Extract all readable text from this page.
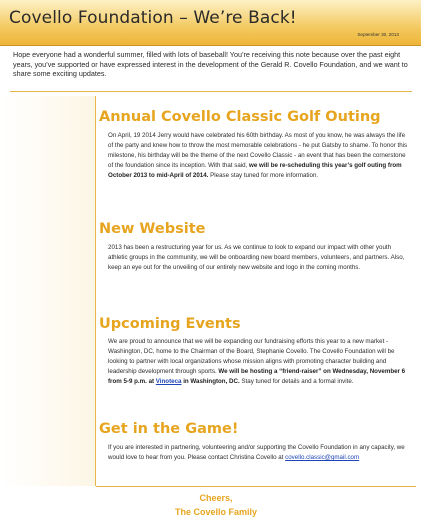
Covello Foundation – We’re Back!
September 30, 2013
Hope everyone had a wonderful summer, filled with lots of baseball! You’re receiving this note because over the past eight years, you’ve supported or have expressed interest in the development of the Gerald R. Covello Foundation, and we want to share some exciting updates.
Annual Covello Classic Golf Outing
On April, 19 2014 Jerry would have celebrated his 60th birthday. As most of you know, he was always the life of the party and knew how to throw the most memorable celebrations - he put Gatsby to shame. To honor this milestone, his birthday will be the theme of the next Covello Classic - an event that has been the cornerstone of the foundation since its inception. With that said, we will be re-scheduling this year’s golf outing from October 2013 to mid-April of 2014. Please stay tuned for more information.
New Website
2013 has been a restructuring year for us. As we continue to look to expand our impact with other youth athletic groups in the community, we will be onboarding new board members, volunteers, and partners. Also, keep an eye out for the unveiling of our entirely new website and logo in the coming months.
Upcoming Events
We are proud to announce that we will be expanding our fundraising efforts this year to a new market - Washington, DC, home to the Chairman of the Board, Stephanie Covello. The Covello Foundation will be looking to partner with local organizations whose mission aligns with promoting character building and leadership development through sports. We will be hosting a “friend-raiser” on Wednesday, November 6 from 5-9 p.m. at Vinoteca in Washington, DC. Stay tuned for details and a formal invite.
Get in the Game!
If you are interested in partnering, volunteering and/or supporting the Covello Foundation in any capacity, we would love to hear from you. Please contact Christina Covello at covello.classic@gmail.com
Cheers,
The Covello Family
